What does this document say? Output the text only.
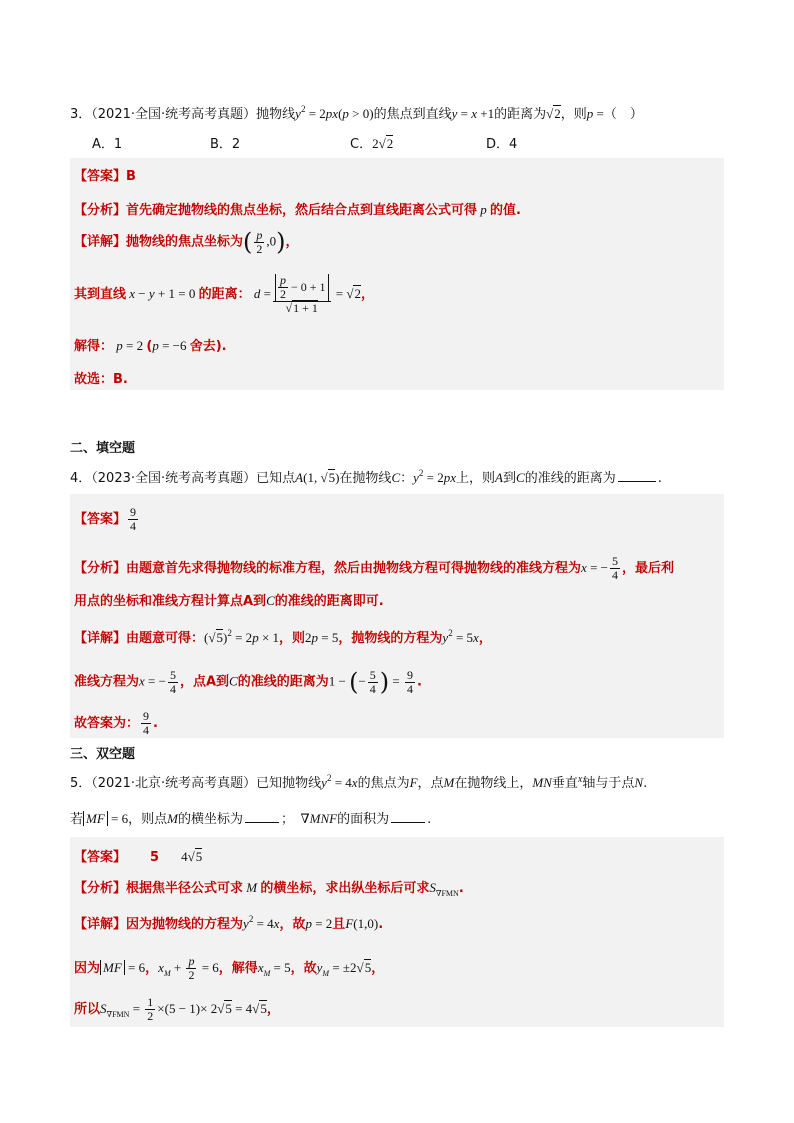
3．（2021·全国·统考高考真题）抛物线$y^2 = 2px(p > 0)$的焦点到直线y = x +1的距离为√2，则p =（　）
A．1	B．2	C．2√2	D．4
【答案】B
【分析】首先确定抛物线的焦点坐标，然后结合点到直线距离公式可得 p 的值.
【详解】抛物线的焦点坐标为( $\frac{p}{2} ,0$)，
其到直线 x − y + 1 = 0 的距离： $d = \frac{\frac{p}{2} - 0 + 1}{√1 + 1} = √2$，
解得： p = 2 (p = −6 舍去).
故选：B.
二、填空题
4．（2023·全国·统考高考真题）已知点A(1, √5)在抛物线C：$y^2 = 2px$上，则A到C的准线的距离为	.
【答案】 $\frac{9}{4}$
【分析】由题意首先求得抛物线的标准方程，然后由抛物线方程可得抛物线的准线方程为x = − $\frac{5}{4}$ ，最后利
用点的坐标和准线方程计算点A到C的准线的距离即可.
【详解】由题意可得：$(√5)^2 = 2p \times 1$，则2p = 5，抛物线的方程为$y^2 = 5x$，
准线方程为x = − $\frac{5}{4}$ ，点A到C的准线的距离为1 − (− $\frac{5}{4}$ ) = $\frac{9}{4}$ .
故答案为： $\frac{9}{4}$ .
三、双空题
5．（2021·北京·统考高考真题）已知抛物线$y^2 = 4x$的焦点为F，点M在抛物线上，MN垂直$^x$轴与于点N.
若 MF = 6，则点M的横坐标为	；  ∇MNF的面积为	.
【答案】 5 4√5
【分析】根据焦半径公式可求 M 的横坐标，求出纵坐标后可求$S_{\nabla FMN}$.
【详解】因为抛物线的方程为$y^2 = 4x$，故p = 2且F(1,0).
因为 MF = 6，$x_M + \frac{p}{2} = 6$，解得$x_M = 5$，故$y_M = \pm 2√5$，
所以$S_{\nabla FMN} = \frac{1}{2} \times(5 - 1)\times 2√5 = 4√5$，
